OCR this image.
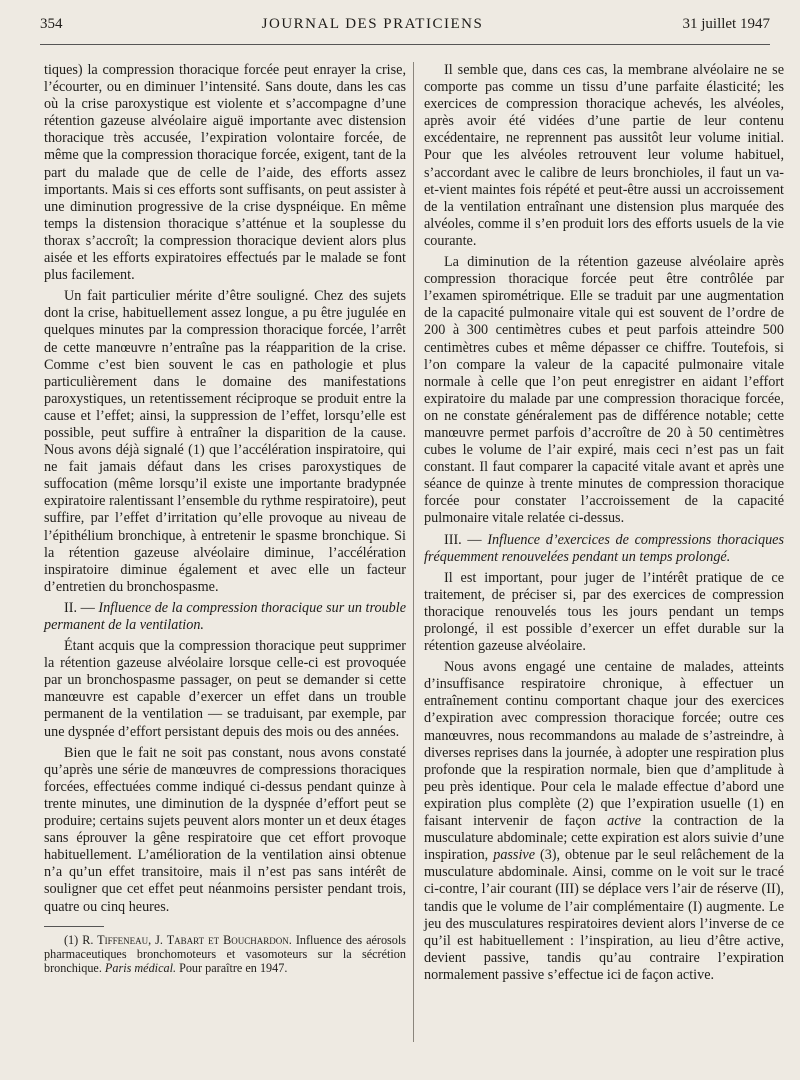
354	JOURNAL DES PRATICIENS	31 juillet 1947

tiques) la compression thoracique forcée peut enrayer la crise, l’écourter, ou en diminuer l’intensité. Sans doute, dans les cas où la crise paroxystique est violente et s’accompagne d’une rétention gazeuse alvéolaire aiguë importante avec distension thoracique très accusée, l’expiration volontaire forcée, de même que la compression thoracique forcée, exigent, tant de la part du malade que de celle de l’aide, des efforts assez importants. Mais si ces efforts sont suffisants, on peut assister à une diminution progressive de la crise dyspnéique. En même temps la distension thoracique s’atténue et la souplesse du thorax s’accroît; la compression thoracique devient alors plus aisée et les efforts expiratoires effectués par le malade se font plus facilement.

Un fait particulier mérite d’être souligné. Chez des sujets dont la crise, habituellement assez longue, a pu être jugulée en quelques minutes par la compression thoracique forcée, l’arrêt de cette manœuvre n’entraîne pas la réapparition de la crise. Comme c’est bien souvent le cas en pathologie et plus particulièrement dans le domaine des manifestations paroxystiques, un retentissement réciproque se produit entre la cause et l’effet; ainsi, la suppression de l’effet, lorsqu’elle est possible, peut suffire à entraîner la disparition de la cause. Nous avons déjà signalé (1) que l’accélération inspiratoire, qui ne fait jamais défaut dans les crises paroxystiques de suffocation (même lorsqu’il existe une importante bradypnée expiratoire ralentissant l’ensemble du rythme respiratoire), peut suffire, par l’effet d’irritation qu’elle provoque au niveau de l’épithélium bronchique, à entretenir le spasme bronchique. Si la rétention gazeuse alvéolaire diminue, l’accélération inspiratoire diminue également et avec elle un facteur d’entretien du bronchospasme.

II. — Influence de la compression thoracique sur un trouble permanent de la ventilation.

Étant acquis que la compression thoracique peut supprimer la rétention gazeuse alvéolaire lorsque celle-ci est provoquée par un bronchospasme passager, on peut se demander si cette manœuvre est capable d’exercer un effet dans un trouble permanent de la ventilation — se traduisant, par exemple, par une dyspnée d’effort persistant depuis des mois ou des années.

Bien que le fait ne soit pas constant, nous avons constaté qu’après une série de manœuvres de compressions thoraciques forcées, effectuées comme indiqué ci-dessus pendant quinze à trente minutes, une diminution de la dyspnée d’effort peut se produire; certains sujets peuvent alors monter un et deux étages sans éprouver la gêne respiratoire que cet effort provoque habituellement. L’amélioration de la ventilation ainsi obtenue n’a qu’un effet transitoire, mais il n’est pas sans intérêt de souligner que cet effet peut néanmoins persister pendant trois, quatre ou cinq heures.

(1) R. Tiffeneau, J. Tabart et Bouchardon. Influence des aérosols pharmaceutiques bronchomoteurs et vasomoteurs sur la sécrétion bronchique. Paris médical. Pour paraître en 1947.

Il semble que, dans ces cas, la membrane alvéolaire ne se comporte pas comme un tissu d’une parfaite élasticité; les exercices de compression thoracique achevés, les alvéoles, après avoir été vidées d’une partie de leur contenu excédentaire, ne reprennent pas aussitôt leur volume initial. Pour que les alvéoles retrouvent leur volume habituel, s’accordant avec le calibre de leurs bronchioles, il faut un va-et-vient maintes fois répété et peut-être aussi un accroissement de la ventilation entraînant une distension plus marquée des alvéoles, comme il s’en produit lors des efforts usuels de la vie courante.

La diminution de la rétention gazeuse alvéolaire après compression thoracique forcée peut être contrôlée par l’examen spirométrique. Elle se traduit par une augmentation de la capacité pulmonaire vitale qui est souvent de l’ordre de 200 à 300 centimètres cubes et peut parfois atteindre 500 centimètres cubes et même dépasser ce chiffre. Toutefois, si l’on compare la valeur de la capacité pulmonaire vitale normale à celle que l’on peut enregistrer en aidant l’effort expiratoire du malade par une compression thoracique forcée, on ne constate généralement pas de différence notable; cette manœuvre permet parfois d’accroître de 20 à 50 centimètres cubes le volume de l’air expiré, mais ceci n’est pas un fait constant. Il faut comparer la capacité vitale avant et après une séance de quinze à trente minutes de compression thoracique forcée pour constater l’accroissement de la capacité pulmonaire vitale relatée ci-dessus.

III. — Influence d’exercices de compressions thoraciques fréquemment renouvelées pendant un temps prolongé.

Il est important, pour juger de l’intérêt pratique de ce traitement, de préciser si, par des exercices de compression thoracique renouvelés tous les jours pendant un temps prolongé, il est possible d’exercer un effet durable sur la rétention gazeuse alvéolaire.

Nous avons engagé une centaine de malades, atteints d’insuffisance respiratoire chronique, à effectuer un entraînement continu comportant chaque jour des exercices d’expiration avec compression thoracique forcée; outre ces manœuvres, nous recommandons au malade de s’astreindre, à diverses reprises dans la journée, à adopter une respiration plus profonde que la respiration normale, bien que d’amplitude à peu près identique. Pour cela le malade effectue d’abord une expiration plus complète (2) que l’expiration usuelle (1) en faisant intervenir de façon active la contraction de la musculature abdominale; cette expiration est alors suivie d’une inspiration, passive (3), obtenue par le seul relâchement de la musculature abdominale. Ainsi, comme on le voit sur le tracé ci-contre, l’air courant (III) se déplace vers l’air de réserve (II), tandis que le volume de l’air complémentaire (I) augmente. Le jeu des musculatures respiratoires devient alors l’inverse de ce qu’il est habituellement : l’inspiration, au lieu d’être active, devient passive, tandis qu’au contraire l’expiration normalement passive s’effectue ici de façon active.
